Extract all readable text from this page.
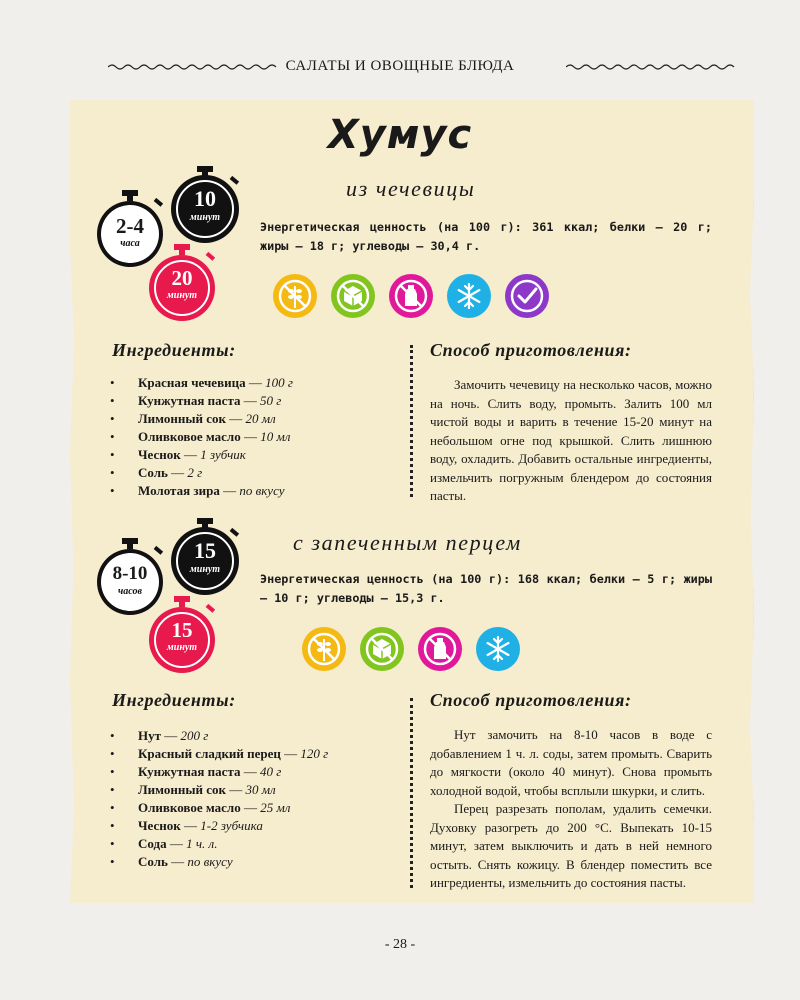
САЛАТЫ И ОВОЩНЫЕ БЛЮДА
Хумус
из чечевицы
2-4
часа
10
минут
20
минут
Энергетическая ценность (на 100 г): 361 ккал; белки — 20 г; жиры — 18 г; углеводы — 30,4 г.
Ингредиенты:	Способ приготовления:
• Красная чечевица — 100 г
• Кунжутная паста — 50 г
• Лимонный сок — 20 мл
• Оливковое масло — 10 мл
• Чеснок — 1 зубчик
• Соль — 2 г
• Молотая зира — по вкусу

Замочить чечевицу на несколько часов, можно на ночь. Слить воду, промыть. Залить 100 мл чистой воды и варить в течение 15-20 минут на небольшом огне под крышкой. Слить лишнюю воду, охладить. Добавить остальные ингредиенты, измельчить погружным блендером до состояния пасты.

с запеченным перцем
8-10
часов
15
минут
15
минут
Энергетическая ценность (на 100 г): 168 ккал; белки — 5 г; жиры — 10 г; углеводы — 15,3 г.
Ингредиенты:	Способ приготовления:
• Нут — 200 г
• Красный сладкий перец — 120 г
• Кунжутная паста — 40 г
• Лимонный сок — 30 мл
• Оливковое масло — 25 мл
• Чеснок — 1-2 зубчика
• Сода — 1 ч. л.
• Соль — по вкусу

Нут замочить на 8-10 часов в воде с добавлением 1 ч. л. соды, затем промыть. Сварить до мягкости (около 40 минут). Снова промыть холодной водой, чтобы всплыли шкурки, и слить.

Перец разрезать пополам, удалить семечки. Духовку разогреть до 200 °С. Выпекать 10-15 минут, затем выключить и дать в ней немного остыть. Снять кожицу. В блендер поместить все ингредиенты, измельчить до состояния пасты.

- 28 -
